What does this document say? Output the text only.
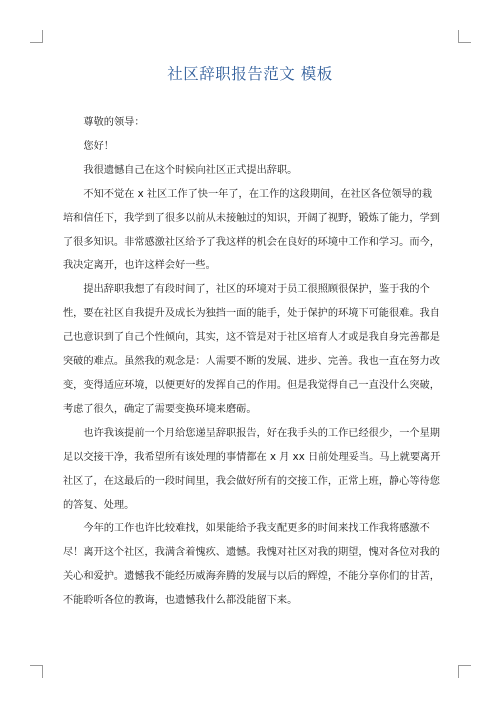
社区辞职报告范文 模板

尊敬的领导：

您好！

我很遗憾自己在这个时候向社区正式提出辞职。

不知不觉在 x 社区工作了快一年了，在工作的这段期间，在社区各位领导的栽培和信任下，我学到了很多以前从未接触过的知识，开阔了视野，锻炼了能力，学到了很多知识。非常感激社区给予了我这样的机会在良好的环境中工作和学习。而今，我决定离开，也许这样会好一些。

提出辞职我想了有段时间了，社区的环境对于员工很照顾很保护，鉴于我的个性，要在社区自我提升及成长为独挡一面的能手，处于保护的环境下可能很难。我自己也意识到了自己个性倾向，其实，这不管是对于社区培育人才或是我自身完善都是突破的难点。虽然我的观念是：人需要不断的发展、进步、完善。我也一直在努力改变，变得适应环境，以便更好的发挥自己的作用。但是我觉得自己一直没什么突破，考虑了很久，确定了需要变换环境来磨砺。

也许我该提前一个月给您递呈辞职报告，好在我手头的工作已经很少，一个星期足以交接干净，我希望所有该处理的事情都在 x 月 xx 日前处理妥当。马上就要离开社区了，在这最后的一段时间里，我会做好所有的交接工作，正常上班，静心等待您的答复、处理。

今年的工作也许比较难找，如果能给予我支配更多的时间来找工作我将感激不尽！离开这个社区，我满含着愧疚、遗憾。我愧对社区对我的期望，愧对各位对我的关心和爱护。遗憾我不能经历威海奔腾的发展与以后的辉煌，不能分享你们的甘苦，不能聆听各位的教诲，也遗憾我什么都没能留下来。
